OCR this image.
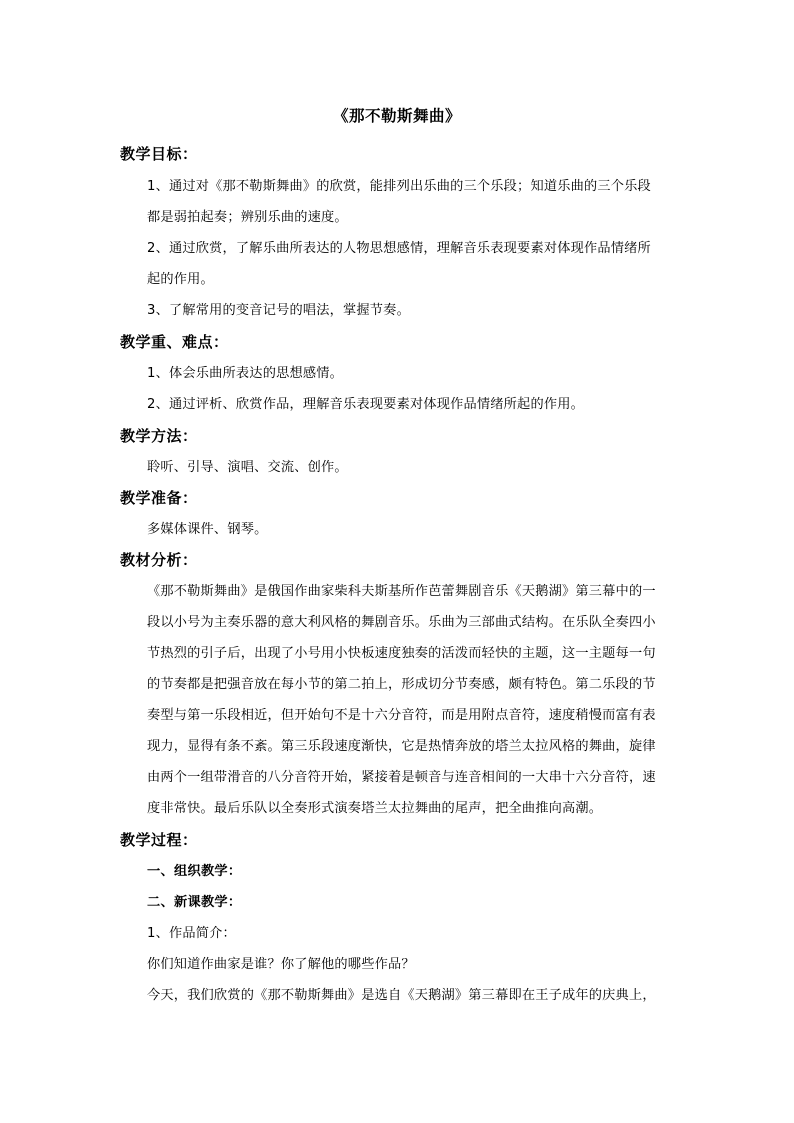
《那不勒斯舞曲》
教学目标：
1、通过对《那不勒斯舞曲》的欣赏，能排列出乐曲的三个乐段；知道乐曲的三个乐段
都是弱拍起奏；辨别乐曲的速度。
2、通过欣赏，了解乐曲所表达的人物思想感情，理解音乐表现要素对体现作品情绪所
起的作用。
3、了解常用的变音记号的唱法，掌握节奏。
教学重、难点：
1、体会乐曲所表达的思想感情。
2、通过评析、欣赏作品，理解音乐表现要素对体现作品情绪所起的作用。
教学方法：
聆听、引导、演唱、交流、创作。
教学准备：
多媒体课件、钢琴。
教材分析：
《那不勒斯舞曲》是俄国作曲家柴科夫斯基所作芭蕾舞剧音乐《天鹅湖》第三幕中的一
段以小号为主奏乐器的意大利风格的舞剧音乐。乐曲为三部曲式结构。在乐队全奏四小
节热烈的引子后，出现了小号用小快板速度独奏的活泼而轻快的主题，这一主题每一句
的节奏都是把强音放在每小节的第二拍上，形成切分节奏感，颇有特色。第二乐段的节
奏型与第一乐段相近，但开始句不是十六分音符，而是用附点音符，速度稍慢而富有表
现力，显得有条不紊。第三乐段速度渐快，它是热情奔放的塔兰太拉风格的舞曲，旋律
由两个一组带滑音的八分音符开始，紧接着是顿音与连音相间的一大串十六分音符，速
度非常快。最后乐队以全奏形式演奏塔兰太拉舞曲的尾声，把全曲推向高潮。
教学过程：
一、组织教学：
二、新课教学：
1、作品简介：
你们知道作曲家是谁？你了解他的哪些作品？
今天，我们欣赏的《那不勒斯舞曲》是选自《天鹅湖》第三幕即在王子成年的庆典上，
